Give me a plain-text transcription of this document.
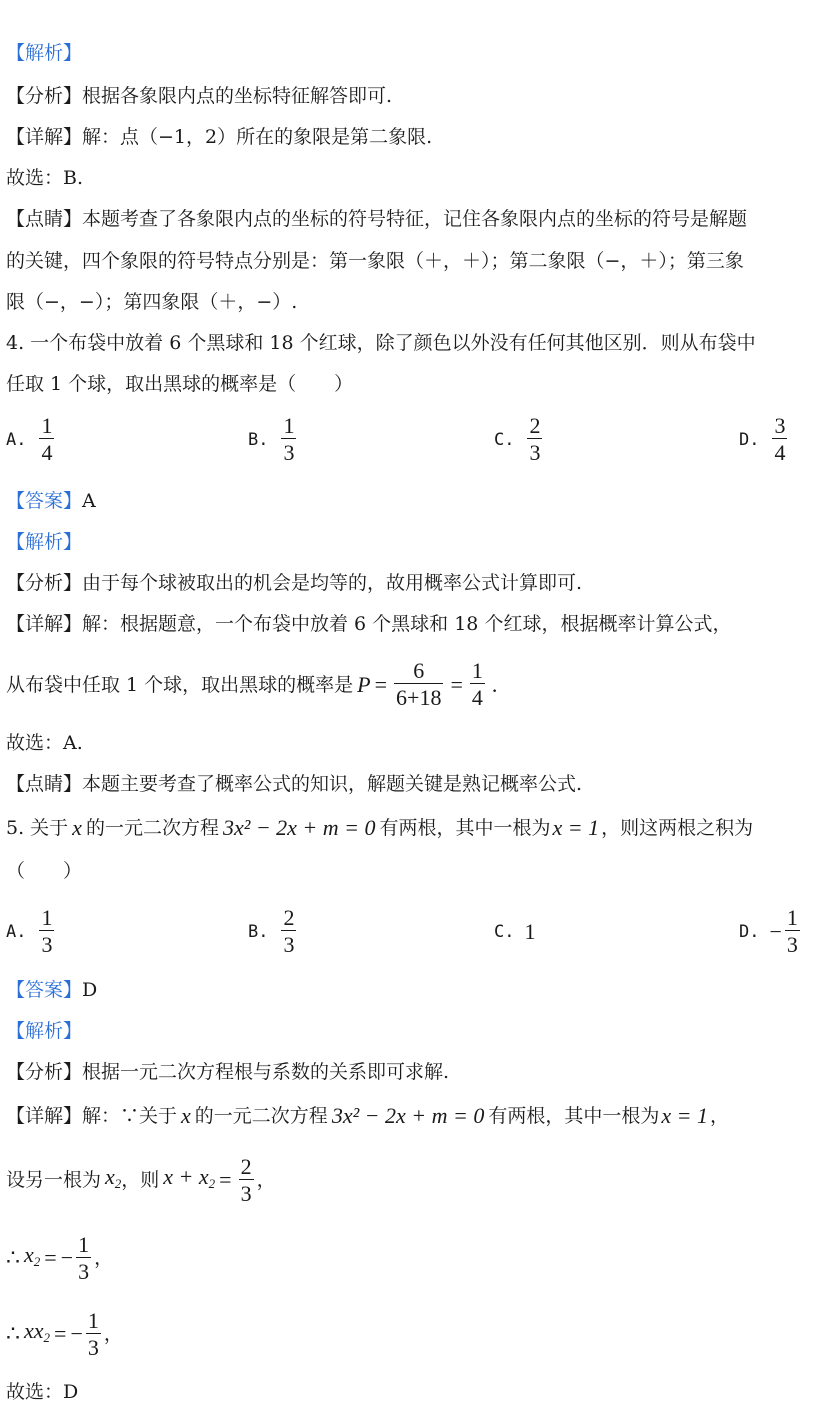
【解析】
【分析】根据各象限内点的坐标特征解答即可.
【详解】解：点（−1，2）所在的象限是第二象限.
故选：B.
【点睛】本题考查了各象限内点的坐标的符号特征，记住各象限内点的坐标的符号是解题
的关键，四个象限的符号特点分别是：第一象限（＋，＋）；第二象限（−，＋）；第三象
限（−，−）；第四象限（＋，−）.
4. 一个布袋中放着 6 个黑球和 18 个红球，除了颜色以外没有任何其他区别．则从布袋中
任取 1 个球，取出黑球的概率是（　　）
A. $\frac{1}{4}$	B. $\frac{1}{3}$	C. $\frac{2}{3}$	D. $\frac{3}{4}$
【答案】A
【解析】
【分析】由于每个球被取出的机会是均等的，故用概率公式计算即可.
【详解】解：根据题意，一个布袋中放着 6 个黑球和 18 个红球，根据概率计算公式，
从布袋中任取 1 个球，取出黑球的概率是 $P = \frac{6}{6+18} = \frac{1}{4}$ .
故选：A.
【点睛】本题主要考查了概率公式的知识，解题关键是熟记概率公式.
5. 关于 x 的一元二次方程 3x² − 2x + m = 0 有两根，其中一根为 x = 1 ，则这两根之积为
（　　）
A. $\frac{1}{3}$	B. $\frac{2}{3}$	C. 1	D. − $\frac{1}{3}$
【答案】D
【解析】
【分析】根据一元二次方程根与系数的关系即可求解.
【详解】 解：∵关于 x 的一元二次方程 3x² − 2x + m = 0 有两根，其中一根为 x = 1 ，
设另一根为 $x_2$ ，则 $x + x_2 = \frac{2}{3}$ ，
∴ $x_2$ = − $\frac{1}{3}$ ，
∴ $xx_2$ = − $\frac{1}{3}$ ，
故选：D
